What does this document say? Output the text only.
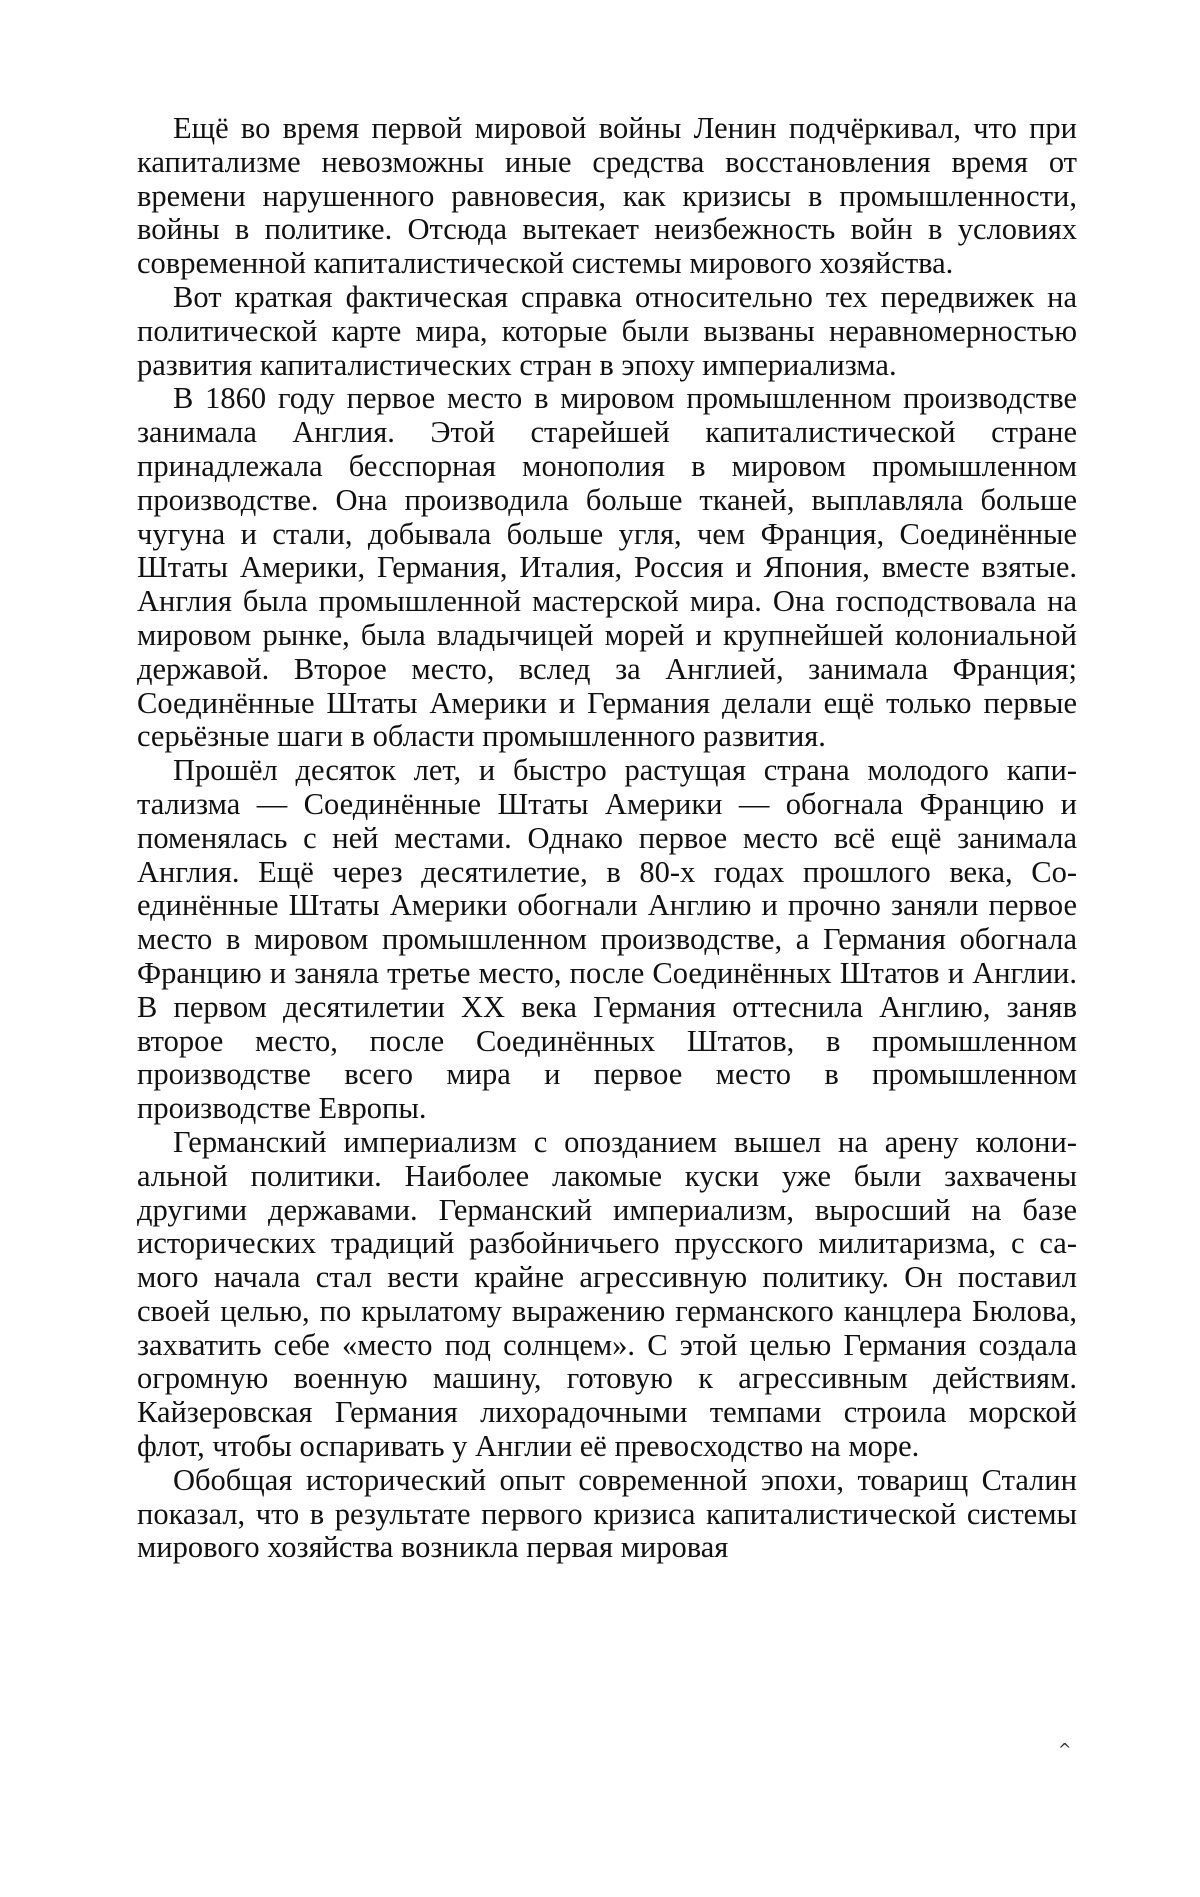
Ещё во время первой мировой войны Ленин подчёркивал, что при капитализме невозможны иные средства восстановления время от времени нарушенного равновесия, как кризисы в промышленности, войны в политике. Отсюда вытекает неизбежность войн в условиях современной капиталистической системы мирового хозяйства.

Вот краткая фактическая справка относительно тех передвижек на политической карте мира, которые были вызваны неравномерностью развития капиталистических стран в эпоху империализма.

В 1860 году первое место в мировом промышленном производстве занимала Англия. Этой старейшей капиталистической стране принадлежала бесспорная монополия в мировом промышленном производстве. Она производила больше тканей, выплавляла больше чугуна и стали, добывала больше угля, чем Франция, Соединённые Штаты Америки, Германия, Италия, Россия и Япония, вместе взятые. Англия была промышленной мастерской мира. Она господствовала на мировом рынке, была владычицей морей и крупнейшей колониальной державой. Второе место, вслед за Англией, занимала Франция; Соединённые Штаты Америки и Германия делали ещё только первые серьёзные шаги в области промышленного развития.

Прошёл десяток лет, и быстро растущая страна молодого капитализма — Соединённые Штаты Америки — обогнала Францию и поменялась с ней местами. Однако первое место всё ещё занимала Англия. Ещё через десятилетие, в 80-х годах прошлого века, Соединённые Штаты Америки обогнали Англию и прочно заняли первое место в мировом промышленном производстве, а Германия обогнала Францию и заняла третье место, после Соединённых Штатов и Англии. В первом десятилетии XX века Германия оттеснила Англию, заняв второе место, после Соединённых Штатов, в промышленном производстве всего мира и первое место в промышленном производстве Европы.

Германский империализм с опозданием вышел на арену колониальной политики. Наиболее лакомые куски уже были захвачены другими державами. Германский империализм, выросший на базе исторических традиций разбойничьего прусского милитаризма, с самого начала стал вести крайне агрессивную политику. Он поставил своей целью, по крылатому выражению германского канцлера Бюлова, захватить себе «место под солнцем». С этой целью Германия создала огромную военную машину, готовую к агрессивным действиям. Кайзеровская Германия лихорадочными темпами строила морской флот, чтобы оспаривать у Англии её превосходство на море.

Обобщая исторический опыт современной эпохи, товарищ Сталин показал, что в результате первого кризиса капиталистической системы мирового хозяйства возникла первая мировая

^
